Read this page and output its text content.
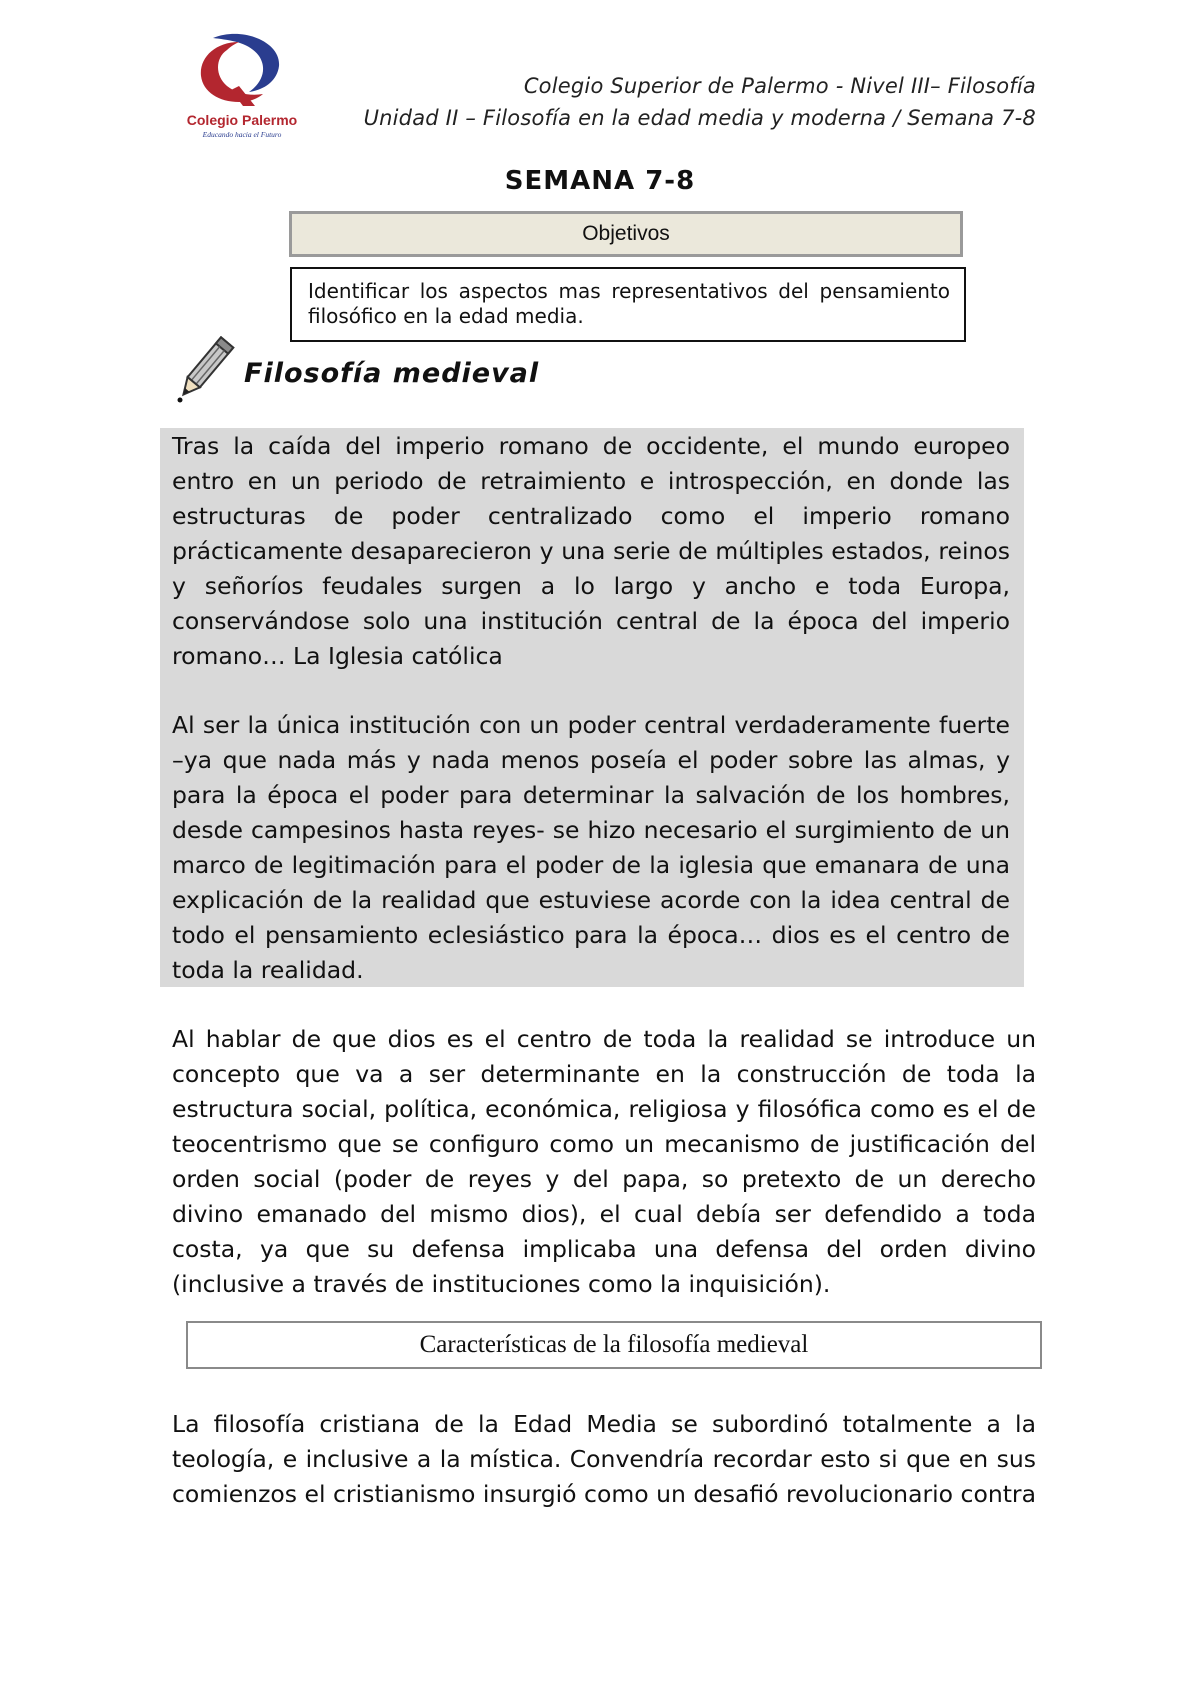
Colegio Palermo
Educando hacia el Futuro
Colegio Superior de Palermo - Nivel III– Filosofía
Unidad II – Filosofía en la edad media y moderna / Semana 7-8
SEMANA 7-8
Objetivos
Identificar los aspectos mas representativos del pensamiento filosófico en la edad media.
Filosofía medieval
Tras la caída del imperio romano de occidente, el mundo europeo entro en un periodo de retraimiento e introspección, en donde las estructuras de poder centralizado como el imperio romano prácticamente desaparecieron y una serie de múltiples estados, reinos y señoríos feudales surgen a lo largo y ancho e toda Europa, conservándose solo una institución central de la época del imperio romano… La Iglesia católica
Al ser la única institución con un poder central verdaderamente fuerte –ya que nada más y nada menos poseía el poder sobre las almas, y para la época el poder para determinar la salvación de los hombres, desde campesinos hasta reyes- se hizo necesario el surgimiento de un marco de legitimación para el poder de la iglesia que emanara de una explicación de la realidad que estuviese acorde con la idea central de todo el pensamiento eclesiástico para la época… dios es el centro de toda la realidad.
Al hablar de que dios es el centro de toda la realidad se introduce un concepto que va a ser determinante en la construcción de toda la estructura social, política, económica, religiosa y filosófica como es el de teocentrismo que se configuro como un mecanismo de justificación del orden social (poder de reyes y del papa, so pretexto de un derecho divino emanado del mismo dios), el cual debía ser defendido a toda costa, ya que su defensa implicaba una defensa del orden divino (inclusive a través de instituciones como la inquisición).
Características de la filosofía medieval
La filosofía cristiana de la Edad Media se subordinó totalmente a la teología, e inclusive a la mística. Convendría recordar esto si que en sus comienzos el cristianismo insurgió como un desafió revolucionario contra
